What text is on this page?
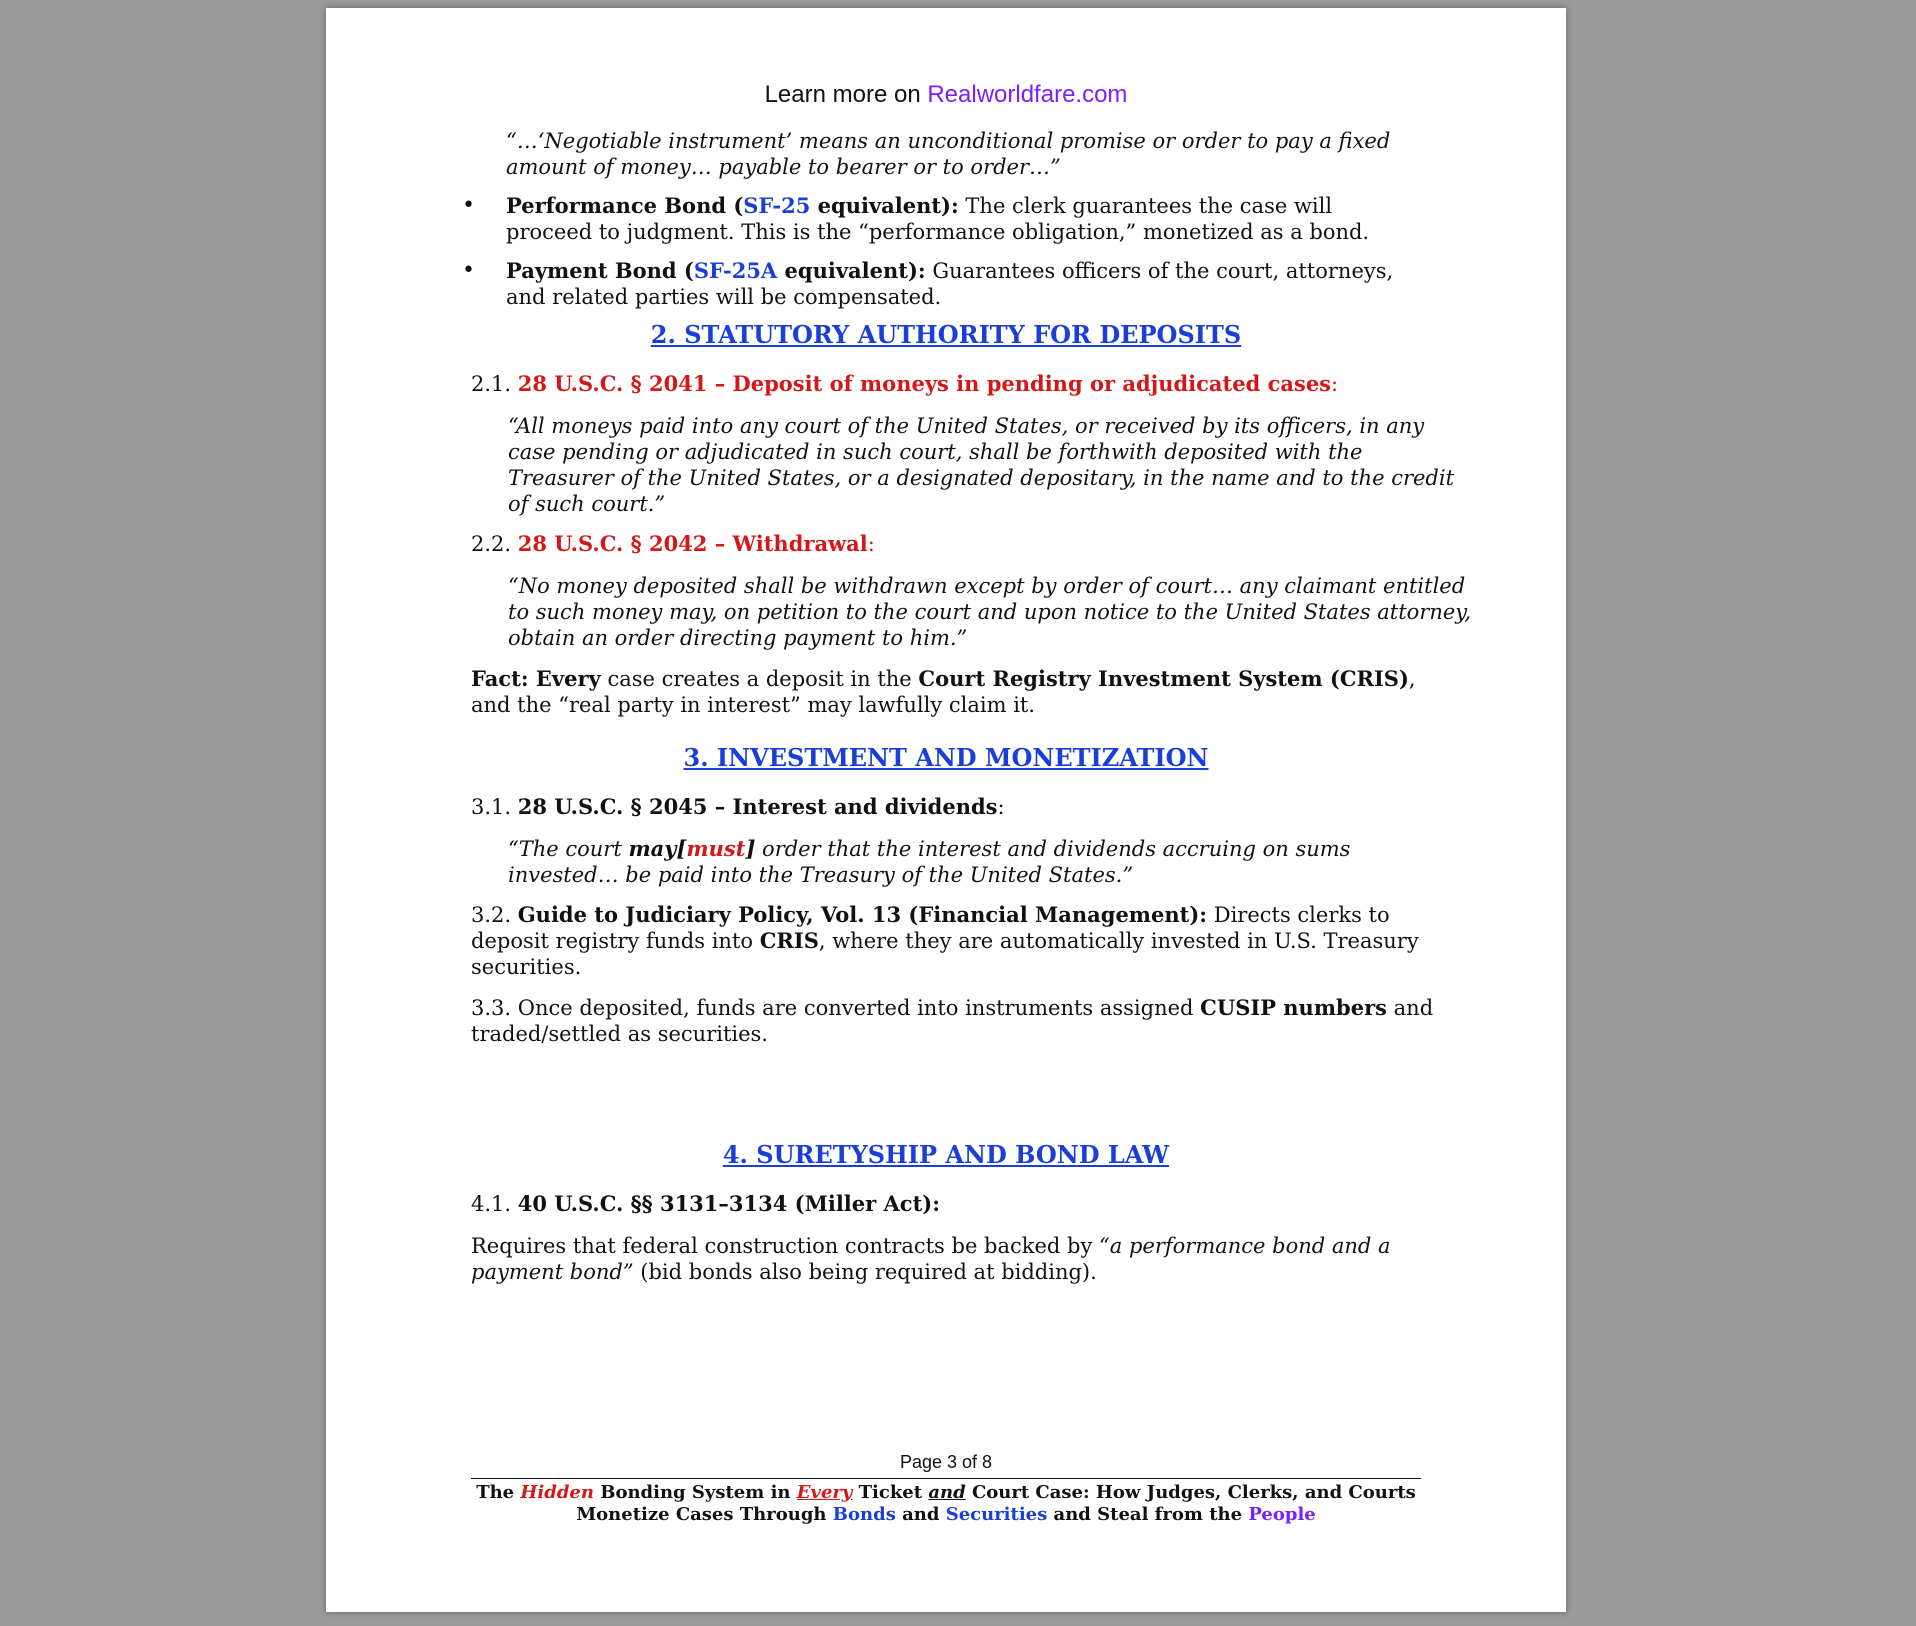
Learn more on Realworldfare.com
“…‘Negotiable instrument’ means an unconditional promise or order to pay a fixed
amount of money… payable to bearer or to order…”
• Performance Bond (SF-25 equivalent): The clerk guarantees the case will
proceed to judgment. This is the “performance obligation,” monetized as a bond.
• Payment Bond (SF-25A equivalent): Guarantees officers of the court, attorneys,
and related parties will be compensated.
2. STATUTORY AUTHORITY FOR DEPOSITS
2.1. 28 U.S.C. § 2041 – Deposit of moneys in pending or adjudicated cases:
“All moneys paid into any court of the United States, or received by its officers, in any
case pending or adjudicated in such court, shall be forthwith deposited with the
Treasurer of the United States, or a designated depositary, in the name and to the credit
of such court.”
2.2. 28 U.S.C. § 2042 – Withdrawal:
“No money deposited shall be withdrawn except by order of court… any claimant entitled
to such money may, on petition to the court and upon notice to the United States attorney,
obtain an order directing payment to him.”
Fact: Every case creates a deposit in the Court Registry Investment System (CRIS),
and the “real party in interest” may lawfully claim it.
3. INVESTMENT AND MONETIZATION
3.1. 28 U.S.C. § 2045 – Interest and dividends:
“The court may[must] order that the interest and dividends accruing on sums
invested… be paid into the Treasury of the United States.”
3.2. Guide to Judiciary Policy, Vol. 13 (Financial Management): Directs clerks to
deposit registry funds into CRIS, where they are automatically invested in U.S. Treasury
securities.
3.3. Once deposited, funds are converted into instruments assigned CUSIP numbers and
traded/settled as securities.
4. SURETYSHIP AND BOND LAW
4.1. 40 U.S.C. §§ 3131–3134 (Miller Act):
Requires that federal construction contracts be backed by “a performance bond and a
payment bond” (bid bonds also being required at bidding).
Page 3 of 8
The Hidden Bonding System in Every Ticket and Court Case: How Judges, Clerks, and Courts
Monetize Cases Through Bonds and Securities and Steal from the People
